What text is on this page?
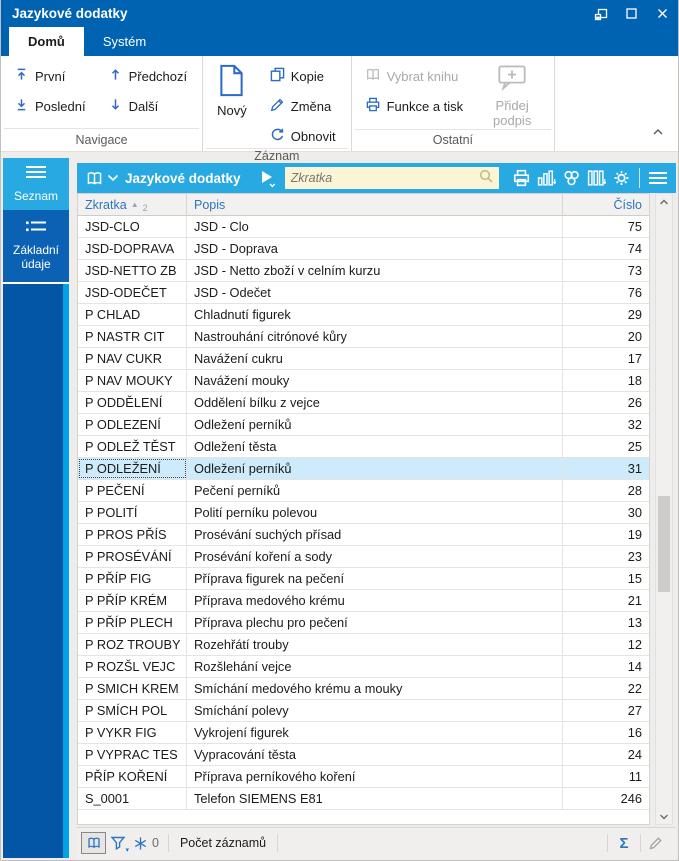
Jazykové dodatky
Domů	Systém
První
Poslední
Předchozí
Další
Navigace
Nový
Kopie
Změna
Obnovit
Záznam
Vybrat knihu
Funkce a tisk	Přidej podpis
Ostatní
Seznam
Základní údaje
Jazykové dodatky
Zkratka
Zkratka ▲ 2	Popis	Číslo
JSD-CLO	JSD - Clo	75
JSD-DOPRAVA	JSD - Doprava	74
JSD-NETTO ZB	JSD - Netto zboží v celním kurzu	73
JSD-ODEČET	JSD - Odečet	76
P CHLAD	Chladnutí figurek	29
P NASTR CIT	Nastrouhání citrónové kůry	20
P NAV CUKR	Navážení cukru	17
P NAV MOUKY	Navážení mouky	18
P ODDĚLENÍ	Oddělení bílku z vejce	26
P ODLEZENÍ	Odležení perníků	32
P ODLEŽ TĚST	Odležení těsta	25
P ODLEŽENÍ	Odležení perníků	31
P PEČENÍ	Pečení perníků	28
P POLITÍ	Polití perníku polevou	30
P PROS PŘÍS	Prosévání suchých přísad	19
P PROSÉVÁNÍ	Prosévání koření a sody	23
P PŘÍP FIG	Příprava figurek na pečení	15
P PŘÍP KRÉM	Příprava medového krému	21
P PŘÍP PLECH	Příprava plechu pro pečení	13
P ROZ TROUBY	Rozehřátí trouby	12
P ROZŠL VEJC	Rozšlehání vejce	14
P SMICH KREM	Smíchání medového krému a mouky	22
P SMÍCH POL	Smíchání polevy	27
P VYKR FIG	Vykrojení figurek	16
P VYPRAC TES	Vypracování těsta	24
PŘÍP KOŘENÍ	Příprava perníkového koření	11
S_0001	Telefon SIEMENS E81	246
▾
0	Počet záznamů	Σ
